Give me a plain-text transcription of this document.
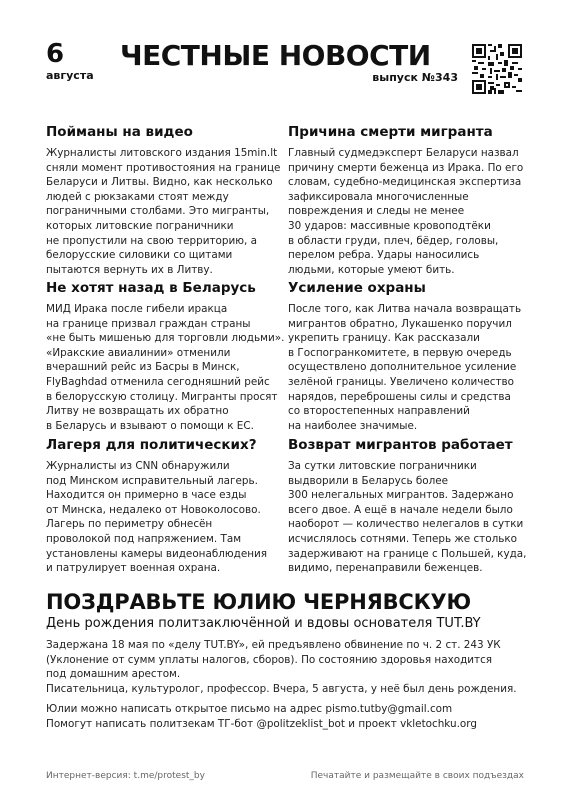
6
августа
ЧЕСТНЫЕ НОВОСТИ
выпуск №343
Пойманы на видео
Журналисты литовского издания 15min.lt
сняли момент противостояния на границе
Беларуси и Литвы. Видно, как несколько
людей с рюкзаками стоят между
пограничными столбами. Это мигранты,
которых литовские пограничники
не пропустили на свою территорию, а
белорусские силовики со щитами
пытаются вернуть их в Литву.
Причина смерти мигранта
Главный судмедэксперт Беларуси назвал
причину смерти беженца из Ирака. По его
словам, судебно-медицинская экспертиза
зафиксировала многочисленные
повреждения и следы не менее
30 ударов: массивные кровоподтёки
в области груди, плеч, бёдер, головы,
перелом ребра. Удары наносились
людьми, которые умеют бить.
Не хотят назад в Беларусь
МИД Ирака после гибели иракца
на границе призвал граждан страны
«не быть мишенью для торговли людьми».
«Иракские авиалинии» отменили
вчерашний рейс из Басры в Минск,
FlyBaghdad отменила сегодняшний рейс
в белорусскую столицу. Мигранты просят
Литву не возвращать их обратно
в Беларусь и взывают о помощи к ЕС.
Усиление охраны
После того, как Литва начала возвращать
мигрантов обратно, Лукашенко поручил
укрепить границу. Как рассказали
в Госпогранкомитете, в первую очередь
осуществлено дополнительное усиление
зелёной границы. Увеличено количество
нарядов, переброшены силы и средства
со второстепенных направлений
на наиболее значимые.
Лагеря для политических?
Журналисты из CNN обнаружили
под Минском исправительный лагерь.
Находится он примерно в часе езды
от Минска, недалеко от Новоколосово.
Лагерь по периметру обнесён
проволокой под напряжением. Там
установлены камеры видеонаблюдения
и патрулирует военная охрана.
Возврат мигрантов работает
За сутки литовские пограничники
выдворили в Беларусь более
300 нелегальных мигрантов. Задержано
всего двое. А ещё в начале недели было
наоборот — количество нелегалов в сутки
исчислялось сотнями. Теперь же столько
задерживают на границе с Польшей, куда,
видимо, перенаправили беженцев.
ПОЗДРАВЬТЕ ЮЛИЮ ЧЕРНЯВСКУЮ
День рождения политзаключённой и вдовы основателя TUT.BY
Задержана 18 мая по «делу TUT.BY», ей предъявлено обвинение по ч. 2 ст. 243 УК
(Уклонение от сумм уплаты налогов, сборов). По состоянию здоровья находится
под домашним арестом.
Писательница, культуролог, профессор. Вчера, 5 августа, у неё был день рождения.
Юлии можно написать открытое письмо на адрес pismo.tutby@gmail.com
Помогут написать политзекам ТГ-бот @politzeklist_bot и проект vkletochku.org
Интернет-версия: t.me/protest_by	Печатайте и размещайте в своих подъездах
